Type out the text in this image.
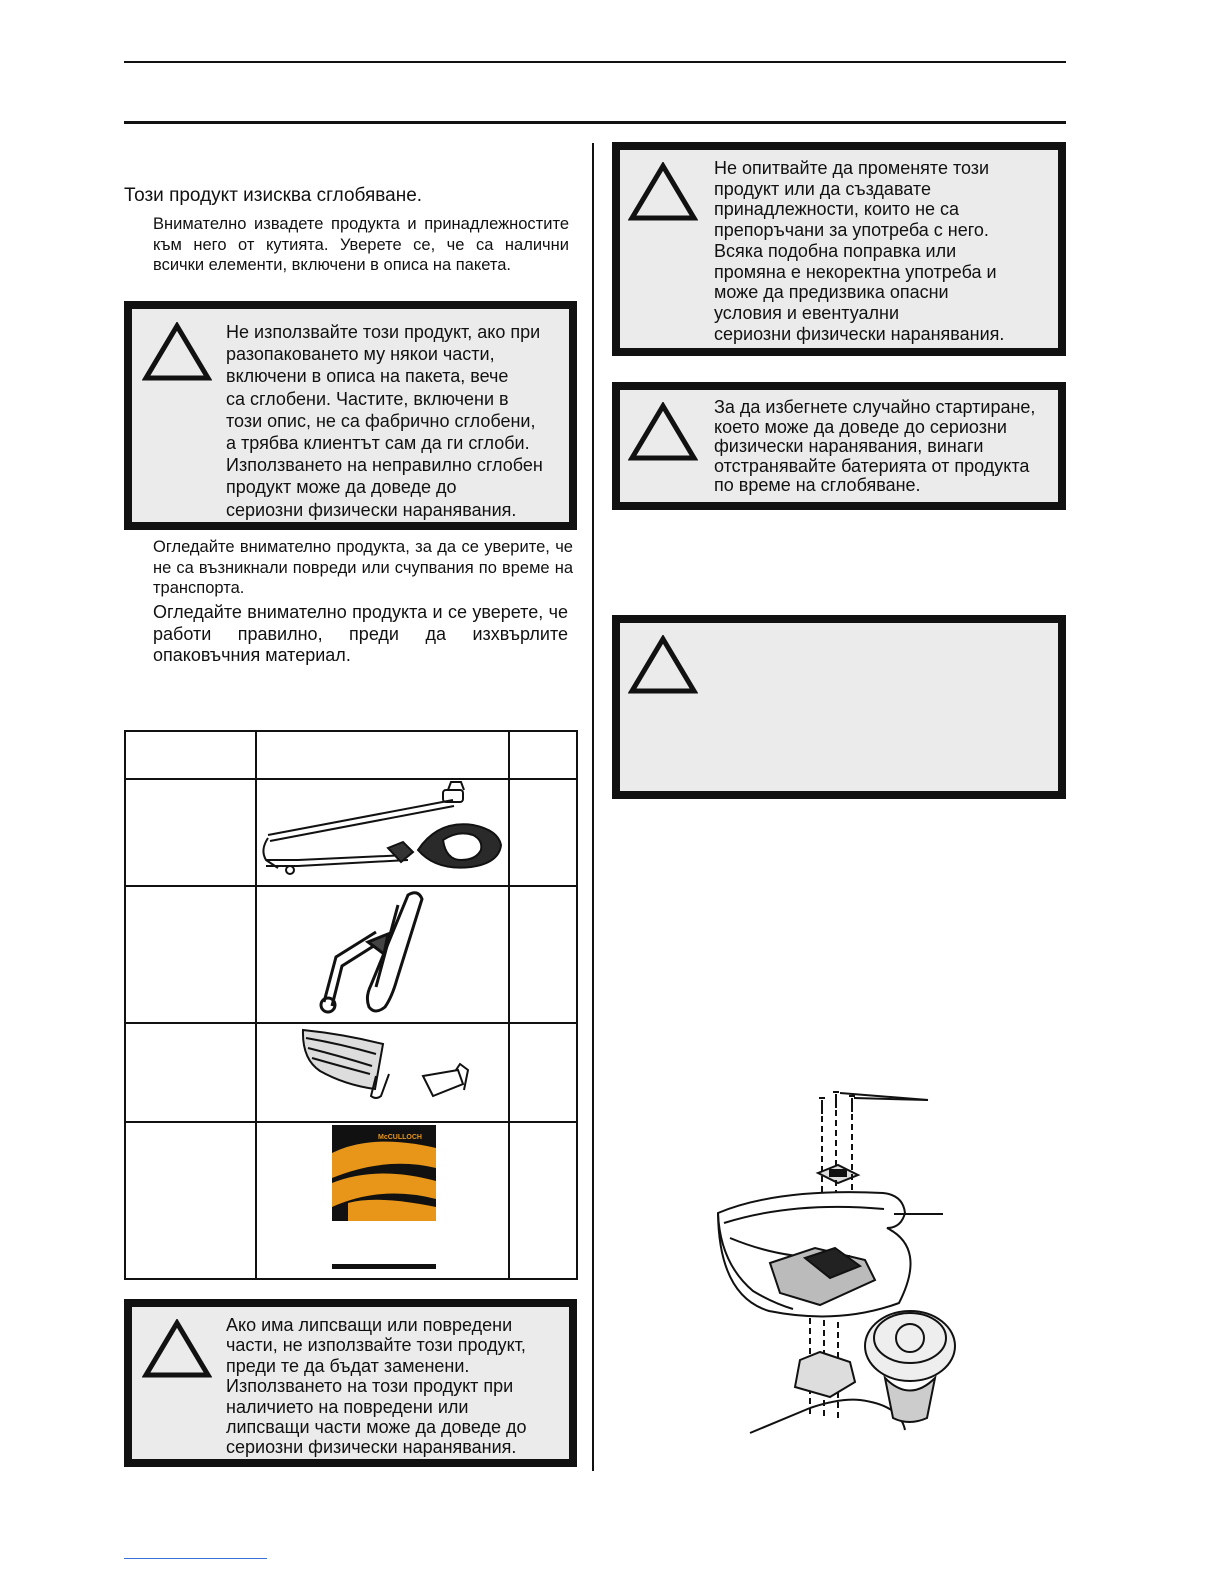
Този продукт изисква сглобяване.
Внимателно извадете продукта и принадлежностите към него от кутията. Уверете се, че са налични всички елементи, включени в описа на пакета.

Не използвайте този продукт, ако при

разопаковането му някои части,

включени в описа на пакета, вече

са сглобени. Частите, включени в

този опис, не са фабрично сглобени,

а трябва клиентът сам да ги сглоби.

Използването на неправилно сглобен

продукт може да доведе до

сериозни физически наранявания.

Огледайте внимателно продукта, за да се уверите, че не са възникнали повреди или счупвания по време на транспорта.
Огледайте внимателно продукта и се уверете, че работи правилно, преди да изхвърлите опаковъчния материал.

McCULLOCH	

Ако има липсващи или повредени

части, не използвайте този продукт,

преди те да бъдат заменени.

Използването на този продукт при

наличието на повредени или

липсващи части може да доведе до

сериозни физически наранявания.

Не опитвайте да променяте този

продукт или да създавате

принадлежности, които не са

препоръчани за употреба с него.

Всяка подобна поправка или

промяна е некоректна употреба и

може да предизвика опасни

условия и евентуални

сериозни физически наранявания.

За да избегнете случайно стартиране,

което може да доведе до сериозни

физически наранявания, винаги

отстранявайте батерията от продукта

по време на сглобяване.
